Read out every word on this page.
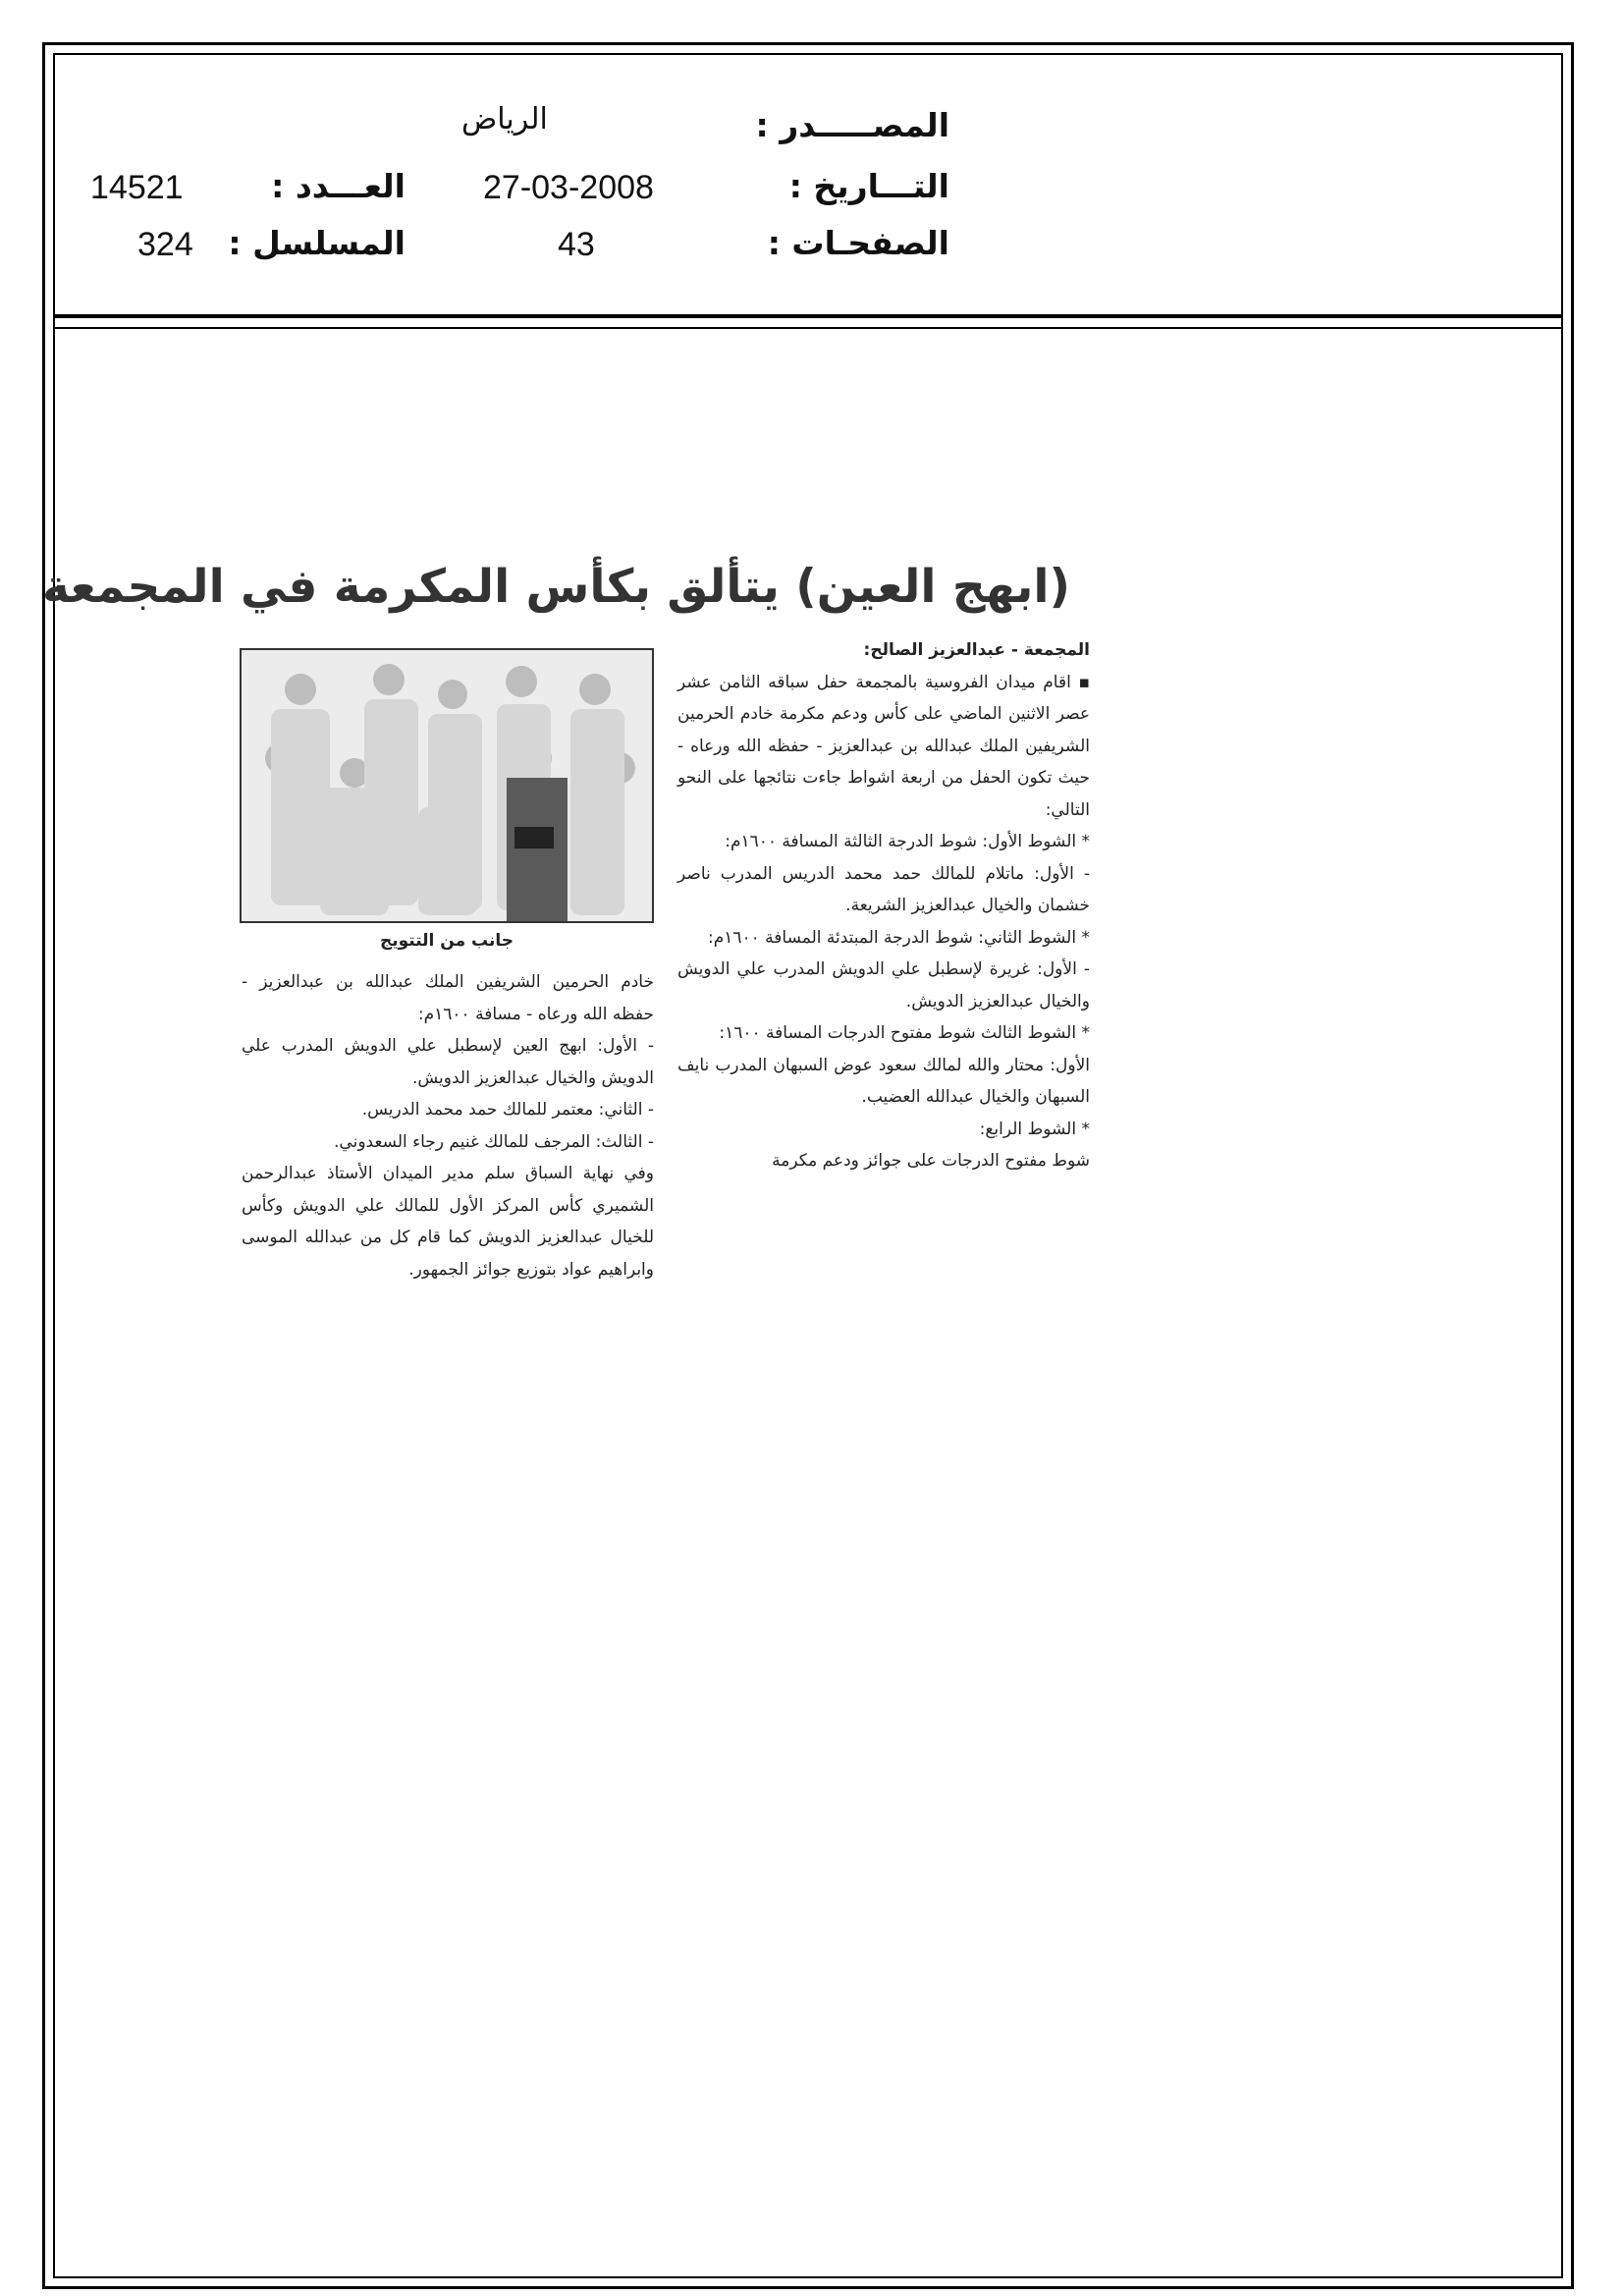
المصـــــدر :
التـــاريخ :
الصفحـات :
الرياض
27-03-2008
43
العـــدد :
المسلسل :
14521
324
(ابهج العين) يتألق بكأس المكرمة في المجمعة

المجمعة - عبدالعزيز الصالح:

▪ اقام ميدان الفروسية بالمجمعة حفل سباقه الثامن عشر عصر الاثنين الماضي على كأس ودعم مكرمة خادم الحرمين الشريفين الملك عبدالله بن عبدالعزيز - حفظه الله ورعاه - حيث تكون الحفل من اربعة اشواط جاءت نتائجها على النحو التالي:

* الشوط الأول: شوط الدرجة الثالثة المسافة ١٦٠٠م:

- الأول: ماتلام للمالك حمد محمد الدريس المدرب ناصر خشمان والخيال عبدالعزيز الشريعة.

* الشوط الثاني: شوط الدرجة المبتدئة المسافة ١٦٠٠م:

- الأول: غريرة لإسطبل علي الدويش المدرب علي الدويش والخيال عبدالعزيز الدويش.

* الشوط الثالث شوط مفتوح الدرجات المسافة ١٦٠٠:

الأول: محتار والله لمالك سعود عوض السبهان المدرب نايف السبهان والخيال عبدالله العضيب.

* الشوط الرابع:

شوط مفتوح الدرجات على جوائز ودعم مكرمة

جانب من التتويج

خادم الحرمين الشريفين الملك عبدالله بن عبدالعزيز - حفظه الله ورعاه - مسافة ١٦٠٠م:

- الأول: ابهج العين لإسطبل علي الدويش المدرب علي الدويش والخيال عبدالعزيز الدويش.

- الثاني: معتمر للمالك حمد محمد الدريس.

- الثالث: المرجف للمالك غنيم رجاء السعدوني.

وفي نهاية السباق سلم مدير الميدان الأستاذ عبدالرحمن الشميري كأس المركز الأول للمالك علي الدويش وكأس للخيال عبدالعزيز الدويش كما قام كل من عبدالله الموسى وابراهيم عواد بتوزيع جوائز الجمهور.
